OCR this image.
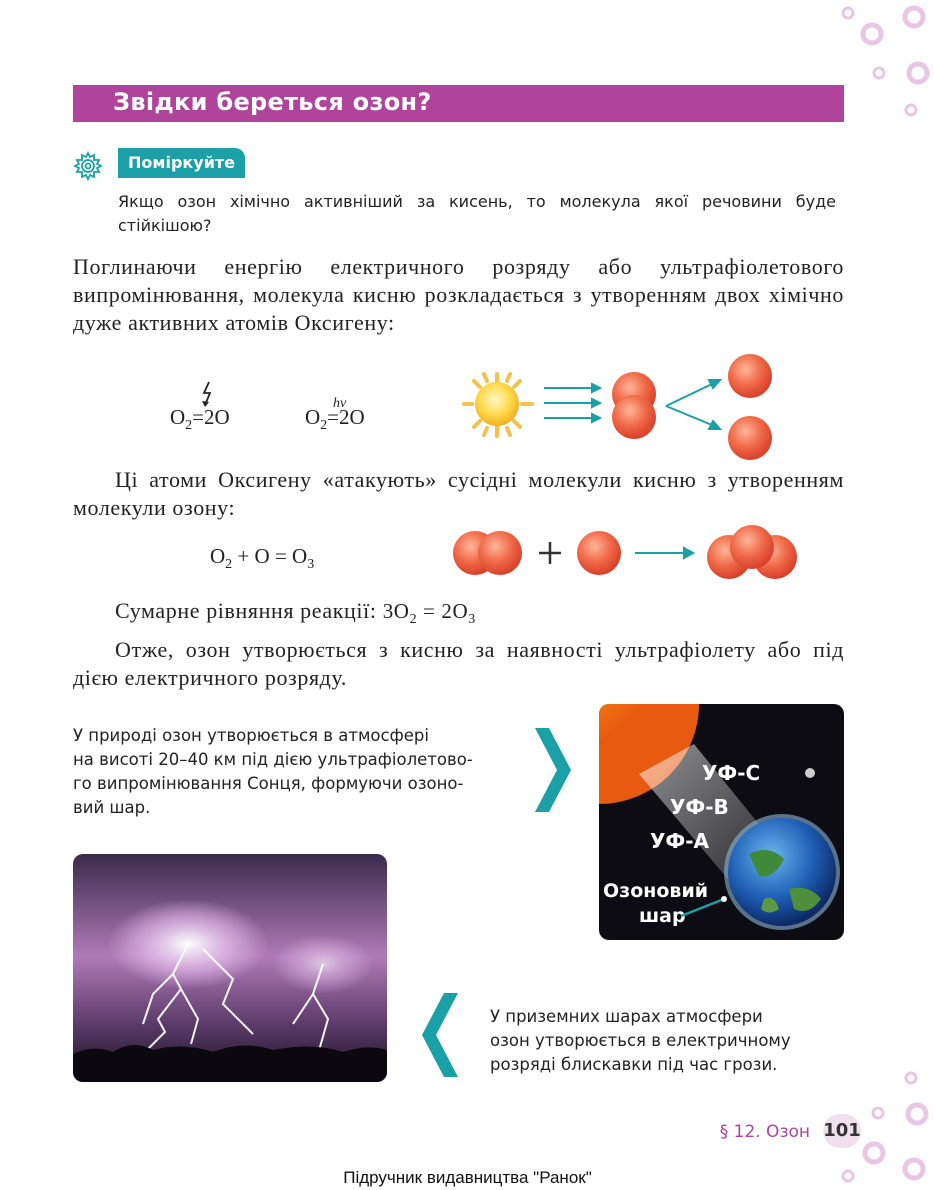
Звідки береться озон?
Поміркуйте
Якщо озон хімічно активніший за кисень, то молекула якої речовини буде стійкішою?
Поглинаючи енергію електричного розряду або ультрафіолетового випромінювання, молекула кисню розкладається з утворенням двох хімічно дуже активних атомів Оксигену:
$O_2=2O$	$O_2=2O$
hν
Ці атоми Оксигену «атакують» сусідні молекули кисню з утворенням молекули озону:
$O_2 + O = O_3$
Сумарне рівняння реакції: $3O_2 = 2O_3$
Отже, озон утворюється з кисню за наявності ультрафіолету або під дією електричного розряду.
У природі озон утворюється в атмосфері
на висоті 20–40 км під дією ультрафіолетово-
го випромінювання Сонця, формуючи озоно-
вий шар.
УФ-С
УФ-В
УФ-А
Озоновий
шар
У приземних шарах атмосфери
озон утворюється в електричному
розряді блискавки під час грози.
§ 12. Озон 101
Підручник видавництва "Ранок"
